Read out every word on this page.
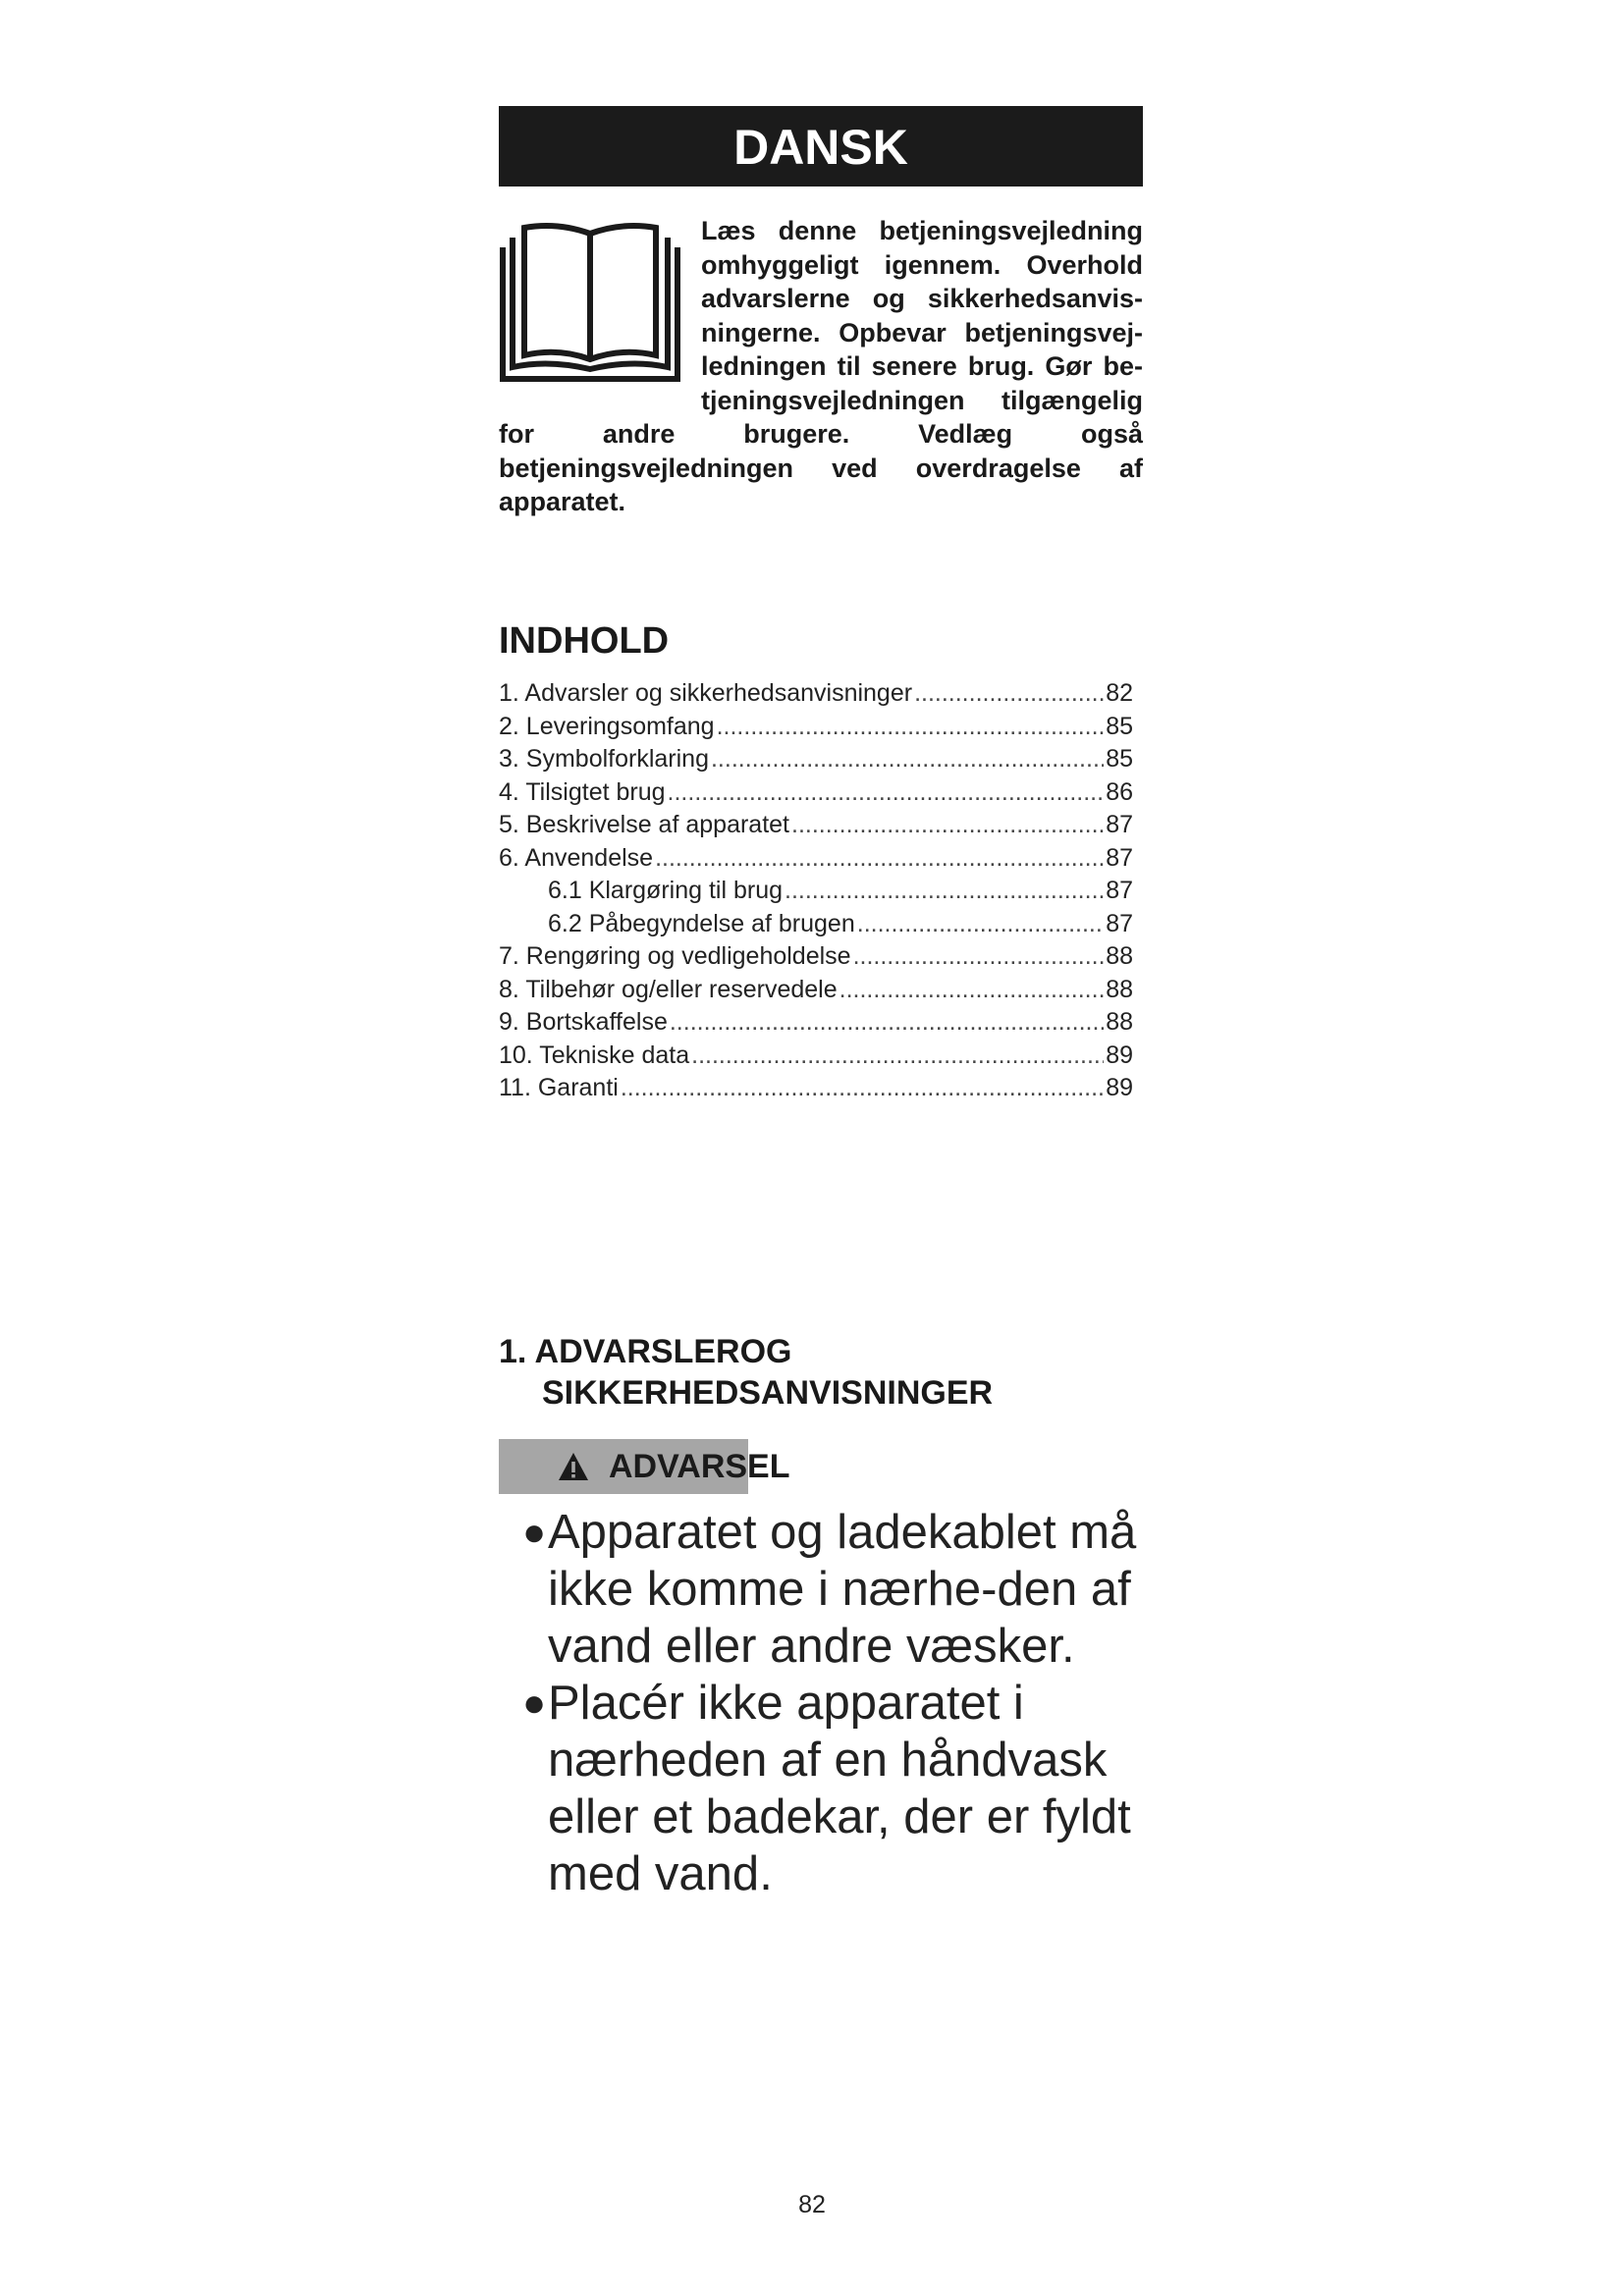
DANSK
Læs denne betjeningsvejledning omhyggeligt igennem. Overhold advarslerne og sikkerhedsanvisningerne. Opbevar betjeningsvejledningen til senere brug. Gør betjeningsvejledningen tilgængelig for andre brugere. Vedlæg også betjeningsvejledningen ved overdragelse af apparatet.
INDHOLD
1. Advarsler og sikkerhedsanvisninger .....	82
2. Leveringsomfang .....	85
3. Symbolforklaring .....	85
4. Tilsigtet brug .....	86
5. Beskrivelse af apparatet .....	87
6. Anvendelse .....	87
6.1 Klargøring til brug .....	87
6.2 Påbegyndelse af brugen .....	87
7. Rengøring og vedligeholdelse .....	88
8. Tilbehør og/eller reservedele .....	88
9. Bortskaffelse .....	88
10. Tekniske data .....	89
11. Garanti .....	89
1. ADVARSLEROG
SIKKERHEDSANVISNINGER
ADVARSEL
● Apparatet og ladekablet må ikke komme i nærhe-den af vand eller andre væsker.
● Placér ikke apparatet i nærheden af en håndvask eller et badekar, der er fyldt med vand.
82
